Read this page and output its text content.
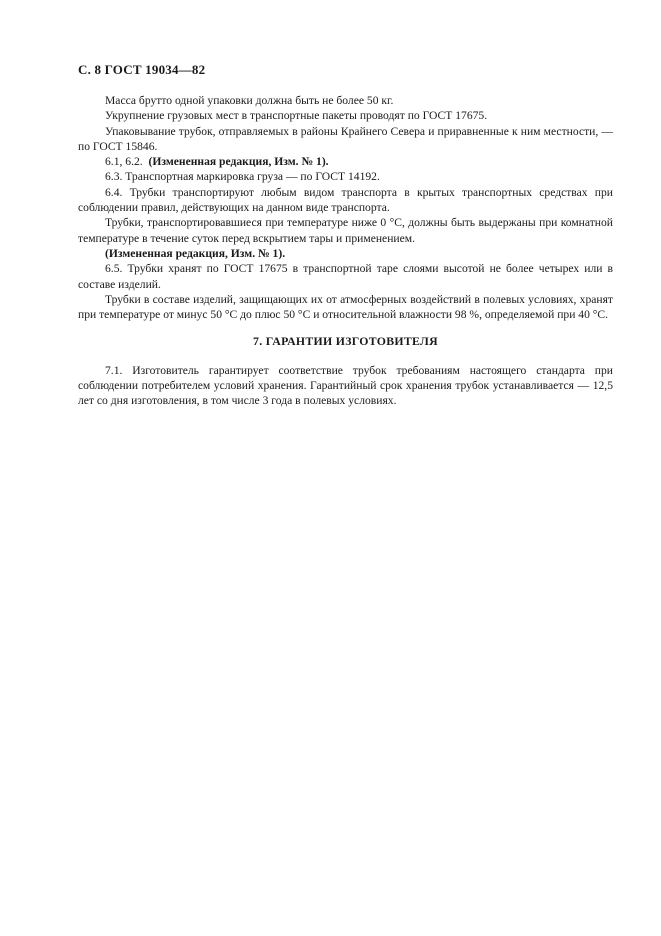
С. 8 ГОСТ 19034—82

Масса брутто одной упаковки должна быть не более 50 кг.

Укрупнение грузовых мест в транспортные пакеты проводят по ГОСТ 17675.

Упаковывание трубок, отправляемых в районы Крайнего Севера и приравненные к ним местности, — по ГОСТ 15846.

6.1, 6.2. (Измененная редакция, Изм. № 1).

6.3. Транспортная маркировка груза — по ГОСТ 14192.

6.4. Трубки транспортируют любым видом транспорта в крытых транспортных средствах при соблюдении правил, действующих на данном виде транспорта.

Трубки, транспортировавшиеся при температуре ниже 0 °С, должны быть выдержаны при комнатной температуре в течение суток перед вскрытием тары и применением.

(Измененная редакция, Изм. № 1).

6.5. Трубки хранят по ГОСТ 17675 в транспортной таре слоями высотой не более четырех или в составе изделий.

Трубки в составе изделий, защищающих их от атмосферных воздействий в полевых условиях, хранят при температуре от минус 50 °С до плюс 50 °С и относительной влажности 98 %, определяемой при 40 °С.

7. ГАРАНТИИ ИЗГОТОВИТЕЛЯ

7.1. Изготовитель гарантирует соответствие трубок требованиям настоящего стандарта при соблюдении потребителем условий хранения. Гарантийный срок хранения трубок устанавливается — 12,5 лет со дня изготовления, в том числе 3 года в полевых условиях.
